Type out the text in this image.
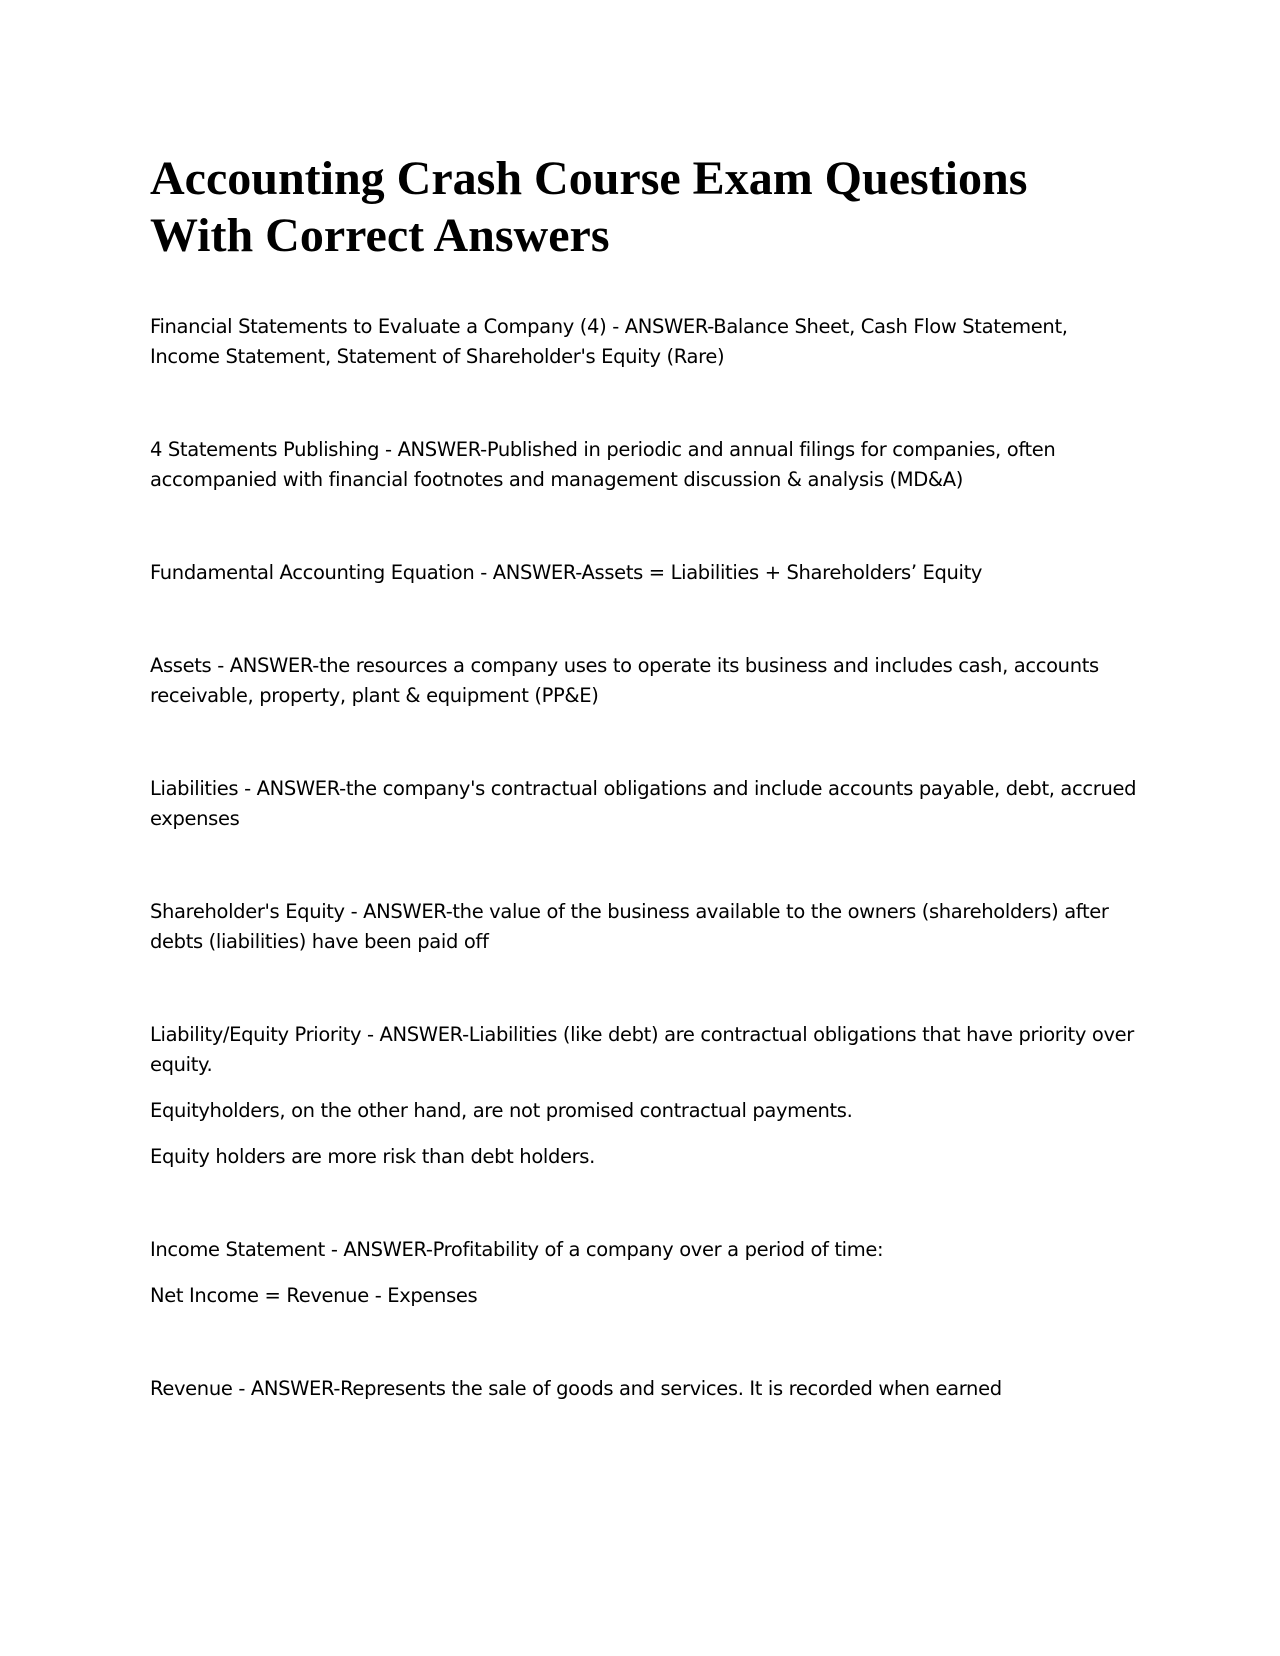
Accounting Crash Course Exam Questions With Correct Answers

Financial Statements to Evaluate a Company (4) - ANSWER-Balance Sheet, Cash Flow Statement, Income Statement, Statement of Shareholder's Equity (Rare)

4 Statements Publishing - ANSWER-Published in periodic and annual filings for companies, often accompanied with financial footnotes and management discussion & analysis (MD&A)

Fundamental Accounting Equation - ANSWER-Assets = Liabilities + Shareholders’ Equity

Assets - ANSWER-the resources a company uses to operate its business and includes cash, accounts receivable, property, plant & equipment (PP&E)

Liabilities - ANSWER-the company's contractual obligations and include accounts payable, debt, accrued expenses

Shareholder's Equity - ANSWER-the value of the business available to the owners (shareholders) after debts (liabilities) have been paid off

Liability/Equity Priority - ANSWER-Liabilities (like debt) are contractual obligations that have priority over equity.

Equityholders, on the other hand, are not promised contractual payments.

Equity holders are more risk than debt holders.

Income Statement - ANSWER-Profitability of a company over a period of time:

Net Income = Revenue - Expenses

Revenue - ANSWER-Represents the sale of goods and services. It is recorded when earned
